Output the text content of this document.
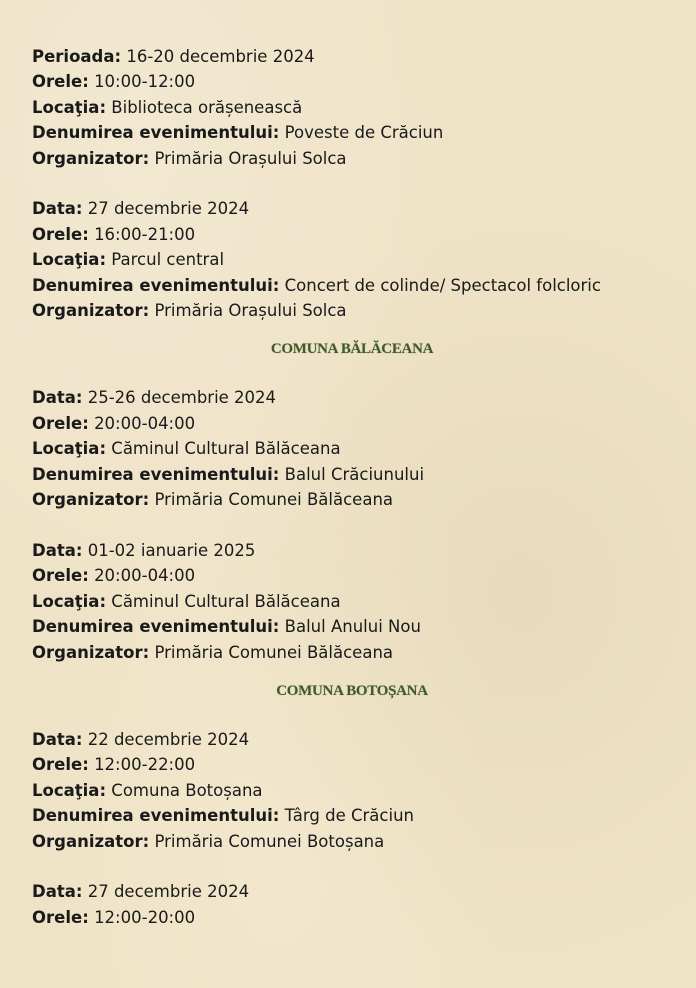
Perioada: 16-20 decembrie 2024
Orele: 10:00-12:00
Locaţia: Biblioteca orășenească
Denumirea evenimentului: Poveste de Crăciun
Organizator: Primăria Orașului Solca
Data: 27 decembrie 2024
Orele: 16:00-21:00
Locaţia: Parcul central
Denumirea evenimentului: Concert de colinde/ Spectacol folcloric
Organizator: Primăria Orașului Solca
COMUNA BĂLĂCEANA
Data: 25-26 decembrie 2024
Orele: 20:00-04:00
Locaţia: Căminul Cultural Bălăceana
Denumirea evenimentului: Balul Crăciunului
Organizator: Primăria Comunei Bălăceana
Data: 01-02 ianuarie 2025
Orele: 20:00-04:00
Locaţia: Căminul Cultural Bălăceana
Denumirea evenimentului: Balul Anului Nou
Organizator: Primăria Comunei Bălăceana
COMUNA BOTOȘANA
Data: 22 decembrie 2024
Orele: 12:00-22:00
Locaţia: Comuna Botoșana
Denumirea evenimentului: Târg de Crăciun
Organizator: Primăria Comunei Botoșana
Data: 27 decembrie 2024
Orele: 12:00-20:00
